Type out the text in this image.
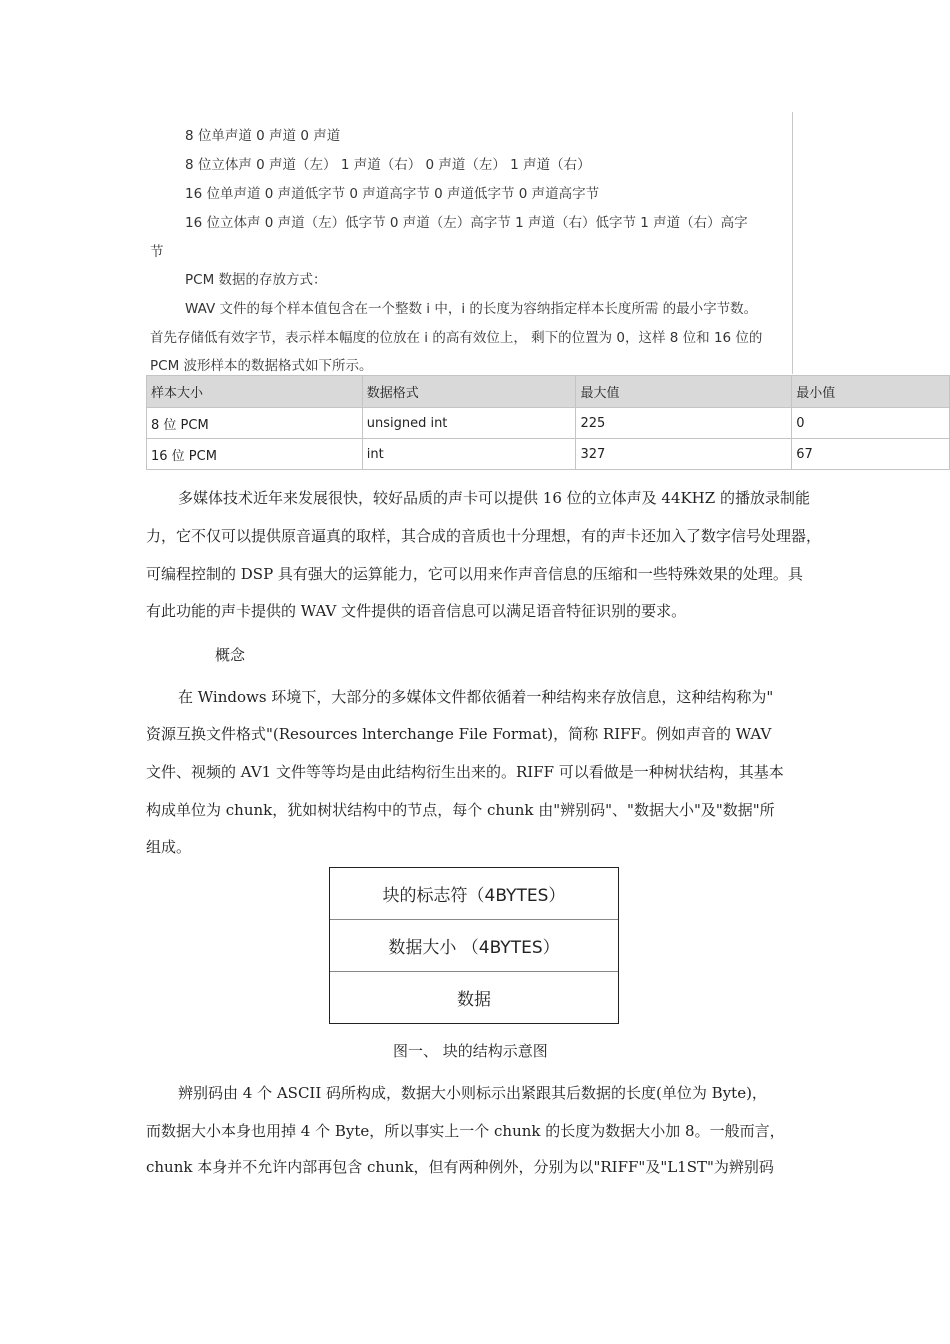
8 位单声道 0 声道 0 声道
8 位立体声 0 声道（左） 1 声道（右） 0 声道（左） 1 声道（右）
16 位单声道 0 声道低字节 0 声道高字节 0 声道低字节 0 声道高字节
16 位立体声 0 声道（左）低字节 0 声道（左）高字节 1 声道（右）低字节 1 声道（右）高字
节
PCM 数据的存放方式：
WAV 文件的每个样本值包含在一个整数 i 中，i 的长度为容纳指定样本长度所需 的最小字节数。
首先存储低有效字节，表示样本幅度的位放在 i 的高有效位上， 剩下的位置为 0，这样 8 位和 16 位的
PCM 波形样本的数据格式如下所示。
样本大小	数据格式	最大值	最小值
8 位 PCM	unsigned int	225	0
16 位 PCM	int	327	67
多媒体技术近年来发展很快，较好品质的声卡可以提供 16 位的立体声及 44KHZ 的播放录制能
力，它不仅可以提供原音逼真的取样，其合成的音质也十分理想，有的声卡还加入了数字信号处理器，
可编程控制的 DSP 具有强大的运算能力，它可以用来作声音信息的压缩和一些特殊效果的处理。具
有此功能的声卡提供的 WAV 文件提供的语音信息可以满足语音特征识别的要求。
概念
在 Windows 环境下，大部分的多媒体文件都依循着一种结构来存放信息，这种结构称为"
资源互换文件格式"(Resources lnterchange File Format)，简称 RIFF。例如声音的 WAV
文件、视频的 AV1 文件等等均是由此结构衍生出来的。RIFF 可以看做是一种树状结构，其基本
构成单位为 chunk，犹如树状结构中的节点，每个 chunk 由"辨别码"、"数据大小"及"数据"所
组成。
块的标志符（4BYTES）
数据大小 （4BYTES）
数据
图一、 块的结构示意图
辨别码由 4 个 ASCII 码所构成，数据大小则标示出紧跟其后数据的长度(单位为 Byte)，
而数据大小本身也用掉 4 个 Byte，所以事实上一个 chunk 的长度为数据大小加 8。一般而言，
chunk 本身并不允许内部再包含 chunk，但有两种例外，分别为以"RIFF"及"L1ST"为辨别码
